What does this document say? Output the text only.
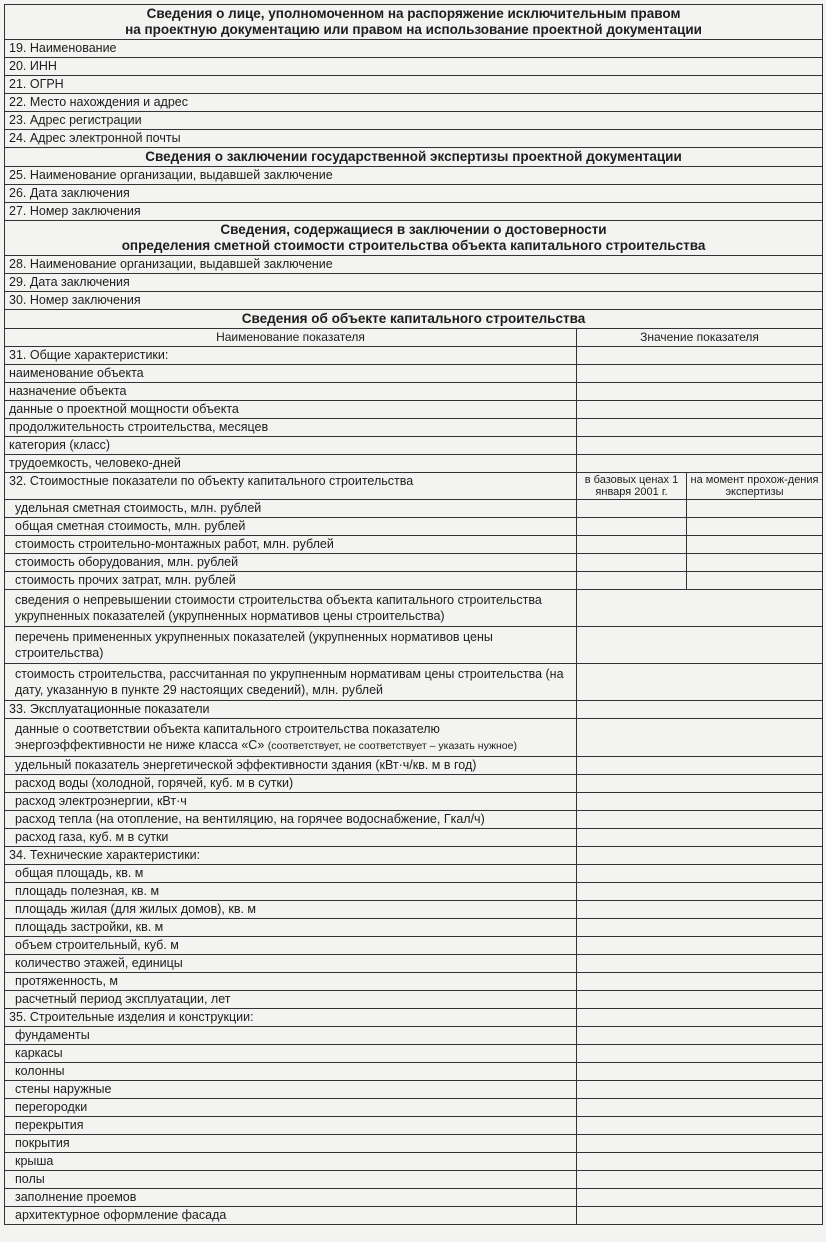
Сведения о лице, уполномоченном на распоряжение исключительным правом
на проектную документацию или правом на использование проектной документации		

19. Наименование		
20. ИНН		
21. ОГРН		
22. Место нахождения и адрес		
23. Адрес регистрации		
24. Адрес электронной почты		
Сведения о заключении государственной экспертизы проектной документации		
25. Наименование организации, выдавшей заключение		
26. Дата заключения		
27. Номер заключения		

Сведения, содержащиеся в заключении о достоверности
определения сметной стоимости строительства объекта капитального строительства		

28. Наименование организации, выдавшей заключение		
29. Дата заключения		
30. Номер заключения		
Сведения об объекте капитального строительства		
Наименование показателя	Значение показателя	
31. Общие характеристики:		
наименование объекта		
назначение объекта		
данные о проектной мощности объекта		
продолжительность строительства, месяцев		
категория (класс)		
трудоемкость, человеко-дней		
32. Стоимостные показатели по объекту капитального строительства	в базовых ценах 1 января 2001 г.	на момент прохож-дения экспертизы
удельная сметная стоимость, млн. рублей		
общая сметная стоимость, млн. рублей		
стоимость строительно-монтажных работ, млн. рублей		
стоимость оборудования, млн. рублей		
стоимость прочих затрат, млн. рублей		
сведения о непревышении стоимости строительства объекта капитального строительства укрупненных показателей (укрупненных нормативов цены строительства)		
перечень примененных укрупненных показателей (укрупненных нормативов цены строительства)		
стоимость строительства, рассчитанная по укрупненным нормативам цены строительства (на дату, указанную в пункте 29 настоящих сведений), млн. рублей		
33. Эксплуатационные показатели		
данные о соответствии объекта капитального строительства показателю энергоэффективности не ниже класса «С» (соответствует, не соответствует – указать нужное)		
удельный показатель энергетической эффективности здания (кВт·ч/кв. м в год)		
расход воды (холодной, горячей, куб. м в сутки)		
расход электроэнергии, кВт·ч		
расход тепла (на отопление, на вентиляцию, на горячее водоснабжение, Гкал/ч)		
расход газа, куб. м в сутки		
34. Технические характеристики:		
общая площадь, кв. м		
площадь полезная, кв. м		
площадь жилая (для жилых домов), кв. м		
площадь застройки, кв. м		
объем строительный, куб. м		
количество этажей, единицы		
протяженность, м		
расчетный период эксплуатации, лет		
35. Строительные изделия и конструкции:		
фундаменты		
каркасы		
колонны		
стены наружные		
перегородки		
перекрытия		
покрытия		
крыша		
полы		
заполнение проемов		
архитектурное оформление фасада		
